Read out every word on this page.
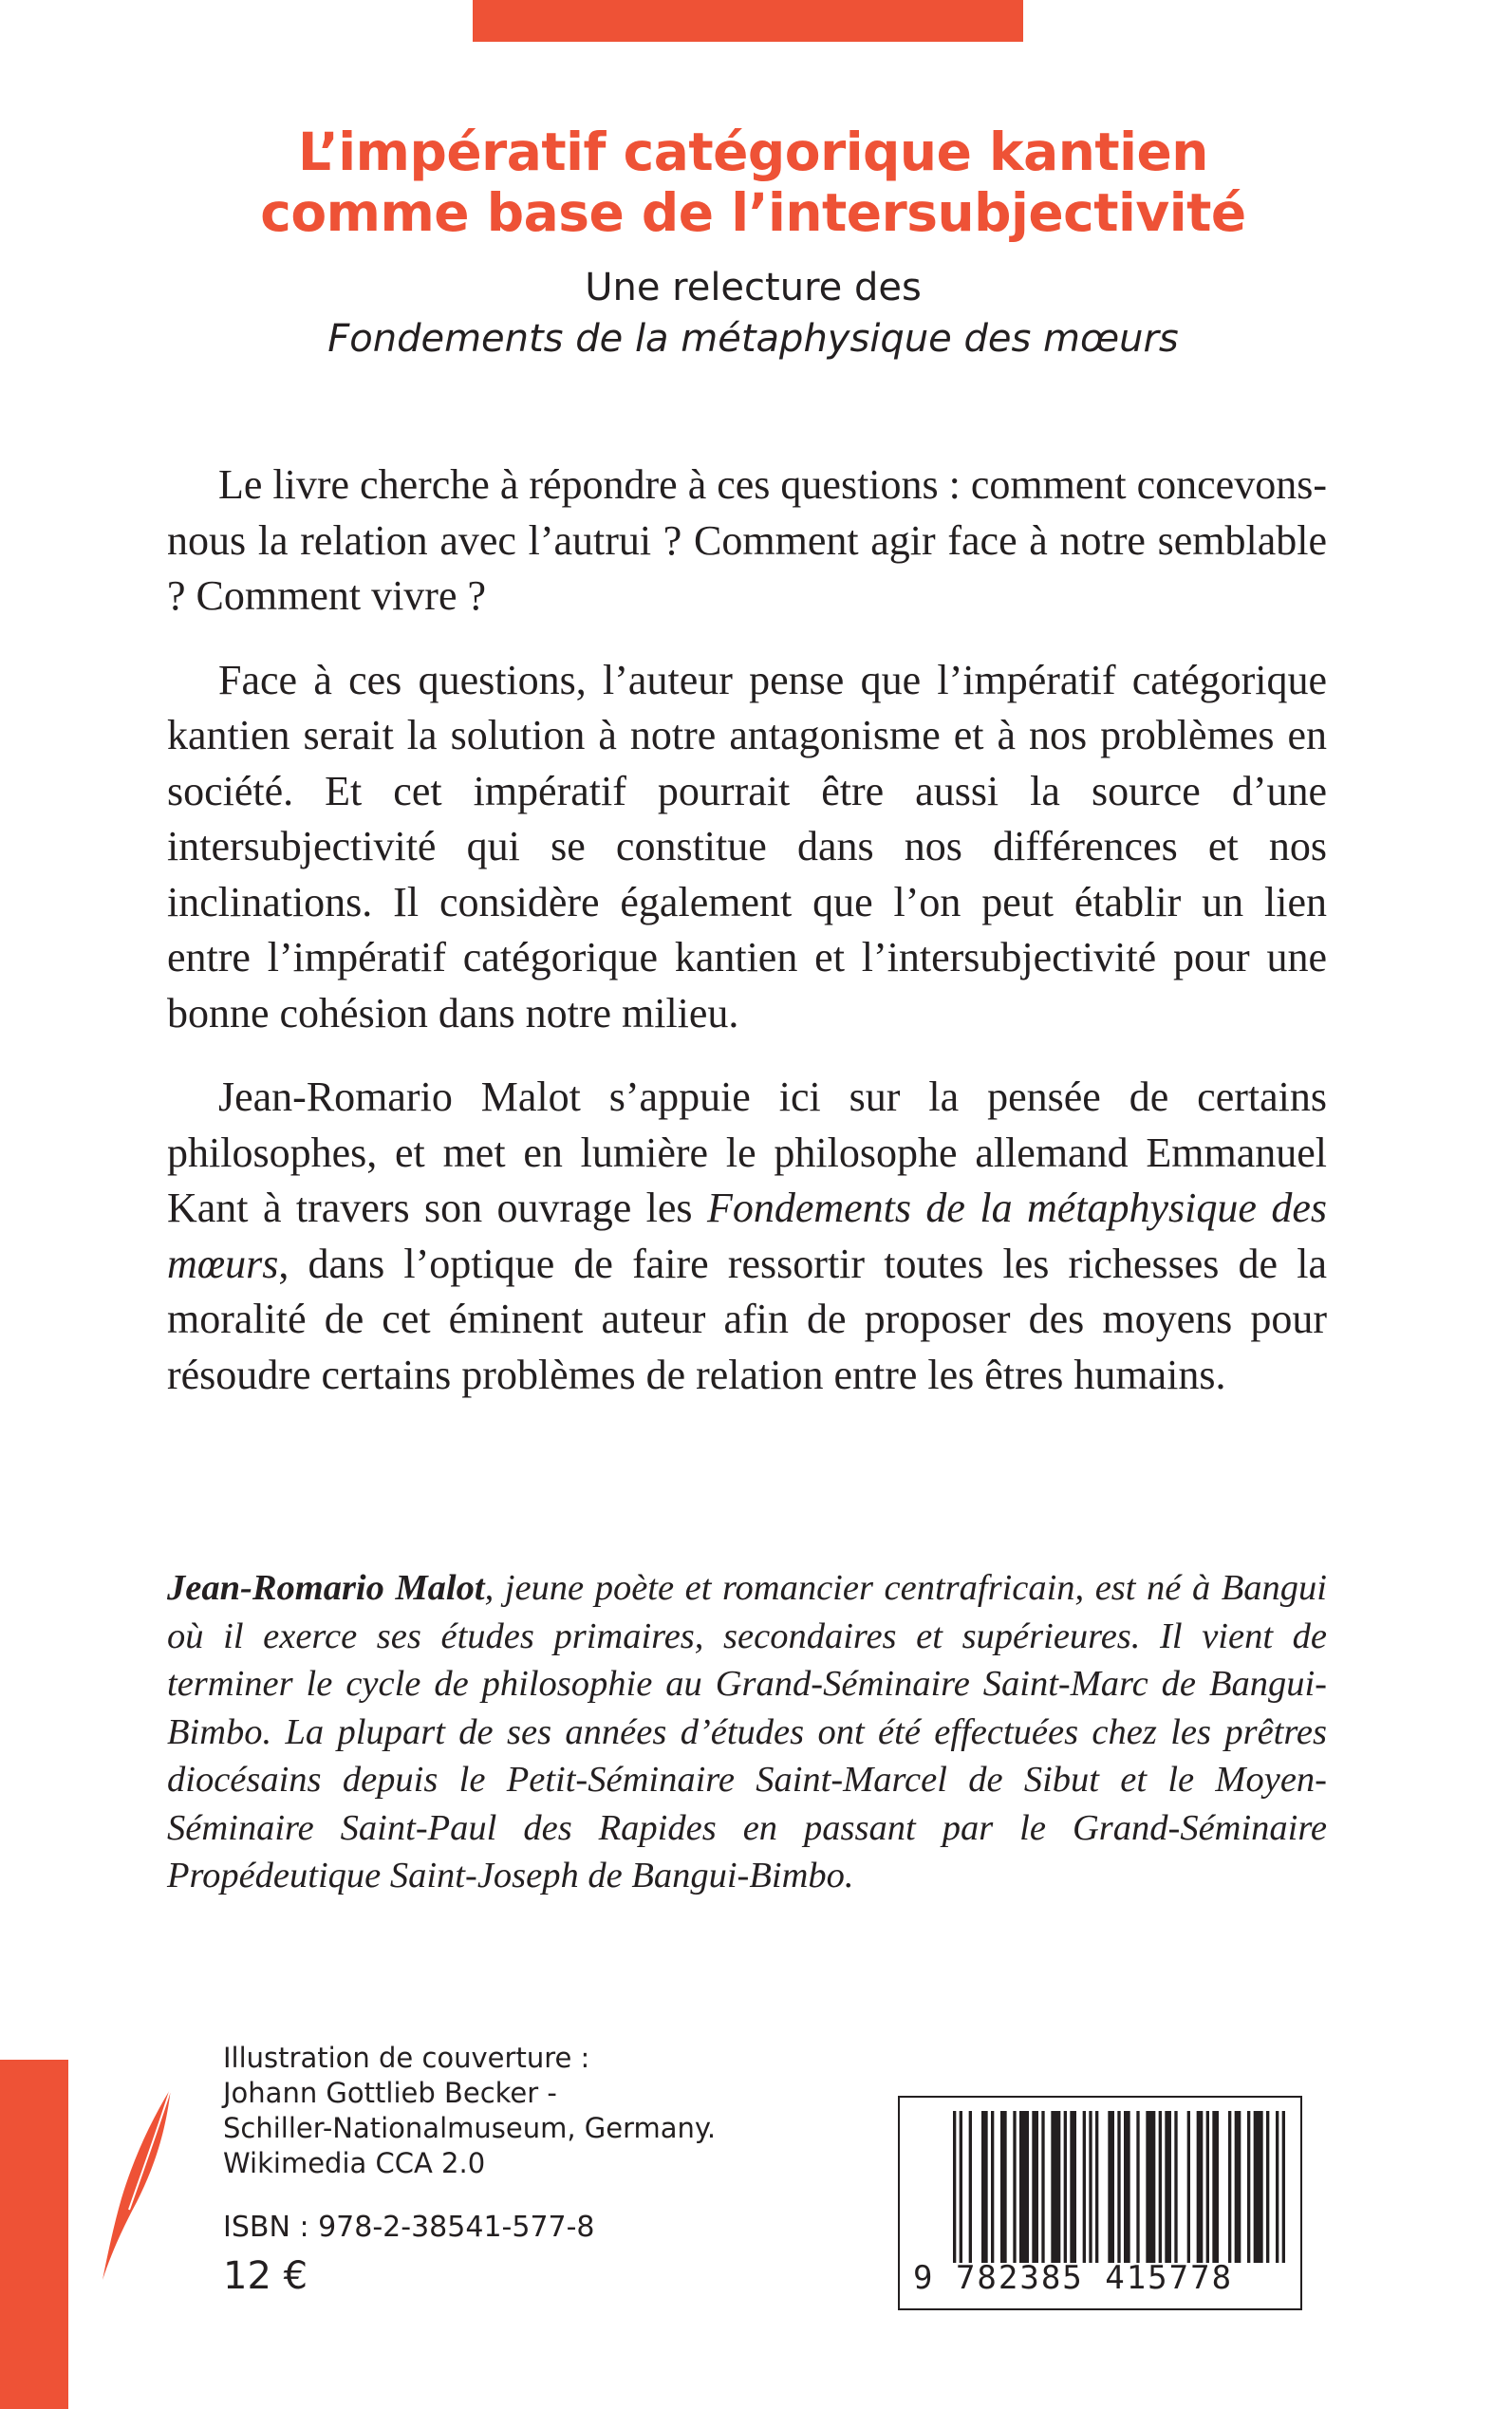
L’impératif catégorique kantien
comme base de l’intersubjectivité
Une relecture des
Fondements de la métaphysique des mœurs

Le livre cherche à répondre à ces questions : comment concevons-nous la relation avec l’autrui ? Comment agir face à notre semblable ? Comment vivre ?

Face à ces questions, l’auteur pense que l’impératif catégorique kantien serait la solution à notre antagonisme et à nos problèmes en société. Et cet impératif pourrait être aussi la source d’une intersubjectivité qui se constitue dans nos différences et nos inclinations. Il considère également que l’on peut établir un lien entre l’impératif catégorique kantien et l’intersubjectivité pour une bonne cohésion dans notre milieu.

Jean-Romario Malot s’appuie ici sur la pensée de certains philosophes, et met en lumière le philosophe allemand Emmanuel Kant à travers son ouvrage les Fondements de la métaphysique des mœurs, dans l’optique de faire ressortir toutes les richesses de la moralité de cet éminent auteur afin de proposer des moyens pour résoudre certains problèmes de relation entre les êtres humains.

Jean-Romario Malot, jeune poète et romancier centrafricain, est né à Bangui où il exerce ses études primaires, secondaires et supérieures. Il vient de terminer le cycle de philosophie au Grand-Séminaire Saint-Marc de Bangui-Bimbo. La plupart de ses années d’études ont été effectuées chez les prêtres diocésains depuis le Petit-Séminaire Saint-Marcel de Sibut et le Moyen-Séminaire Saint-Paul des Rapides en passant par le Grand-Séminaire Propédeutique Saint-Joseph de Bangui-Bimbo.

Illustration de couverture :
Johann Gottlieb Becker -
Schiller-Nationalmuseum, Germany.
Wikimedia CCA 2.0
ISBN : 978-2-38541-577-8
12 €	9 782385 415778
